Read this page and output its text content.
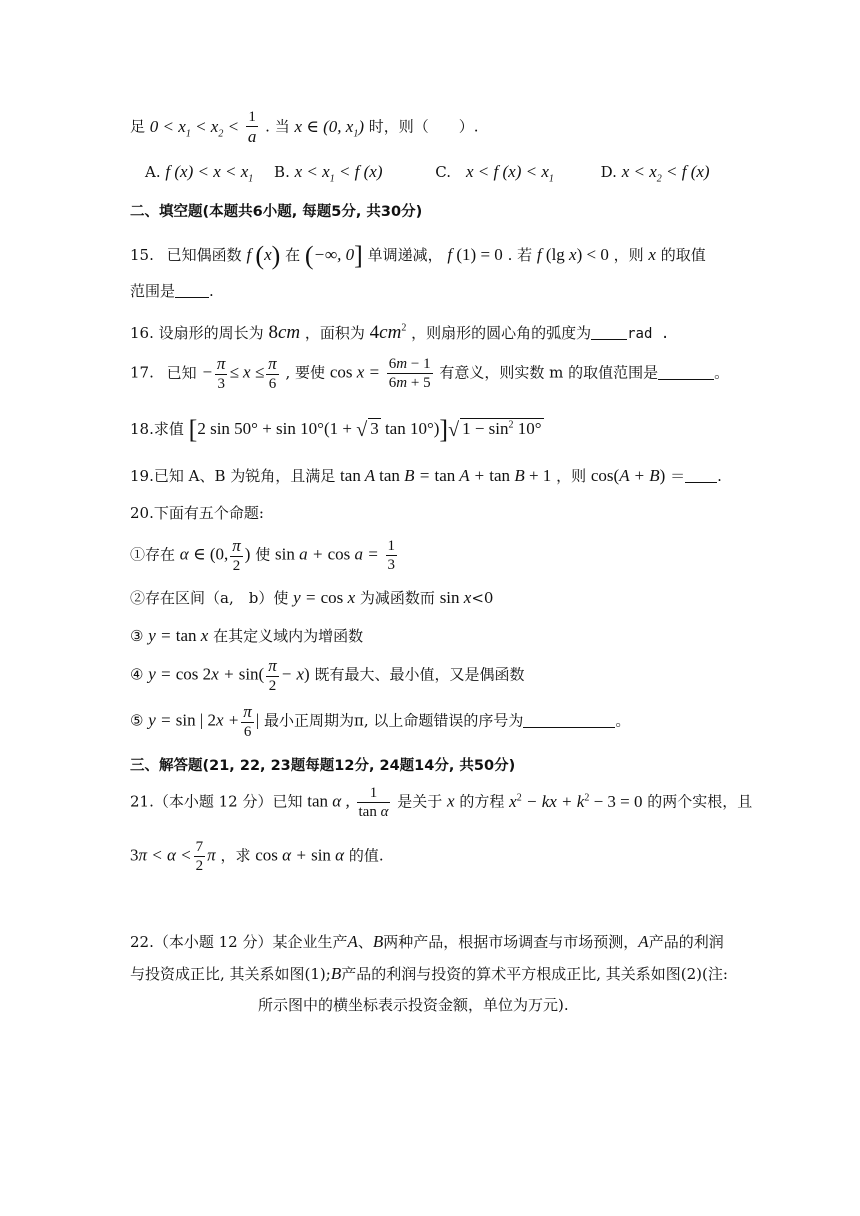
足 $0 < x_1 < x_2 < \frac{1}{a}$ . 当 x ∈ (0, $x_1$) 时，则（　　）.
A. f $(x) < x < x_1$ B. $x < x_1 < f$ (x)	C.　 x < f $(x) < x_1$	D. $x < x_2 < f$ (x)
二、填空题(本题共6小题, 每题5分, 共30分)
15. 已知偶函数 f (x) 在 (−∞, 0] 单调递减， f (1) = 0 . 若 f (lg x) < 0 ，则 x 的取值
范围是 .
16. 设扇形的周长为 8cm ，面积为 $4cm^2$ ，则扇形的圆心角的弧度为	rad .
17. 已知 − $\frac{\pi}{3} \le x \le \frac{\pi}{6}$ , 要使 $\cos x = \frac{6m - 1}{6m + 5}$ 有意义，则实数 m 的取值范围是	。
18.求值 [2 sin 50° + sin 10°(1 + √ 3 tan 10°)]√ $1 - \sin^2 10^\circ$
19.已知 A、B 为锐角，且满足 tan A tan B = tan A + tan B + 1 ，则 cos(A + B) ＝ .
20.下面有五个命题:
①存在 α ∈ (0, $\frac{\pi}{2}$ ) 使 $\sin a + \cos a = \frac{1}{3}$
②存在区间（a,　b）使 y = cos x 为减函数而 sin x<0
③ y = tan x 在其定义域内为增函数
④ $y = \cos 2x + \sin( \frac{\pi}{2} - x)$ 既有最大、最小值，又是偶函数
⑤ y = sin | $2x + \frac{\pi}{6}$ | 最小正周期为π, 以上命题错误的序号为	。
三、解答题(21, 22, 23题每题12分, 24题14分, 共50分)
21.（本小题 12 分）已知 tan α , $\frac{1}{\text{tan α}}$ 是关于 x 的方程 $x^2$ − kx + $k^2 - 3 = 0$ 的两个实根，且
$3\pi < \alpha < \frac{7}{2}$ π ，求 cos α + sin α 的值.
22.（本小题 12 分）某企业生产A、B两种产品，根据市场调查与市场预测，A产品的利润
与投资成正比, 其关系如图(1);B产品的利润与投资的算术平方根成正比, 其关系如图(2)(注:
所示图中的横坐标表示投资金额，单位为万元).
